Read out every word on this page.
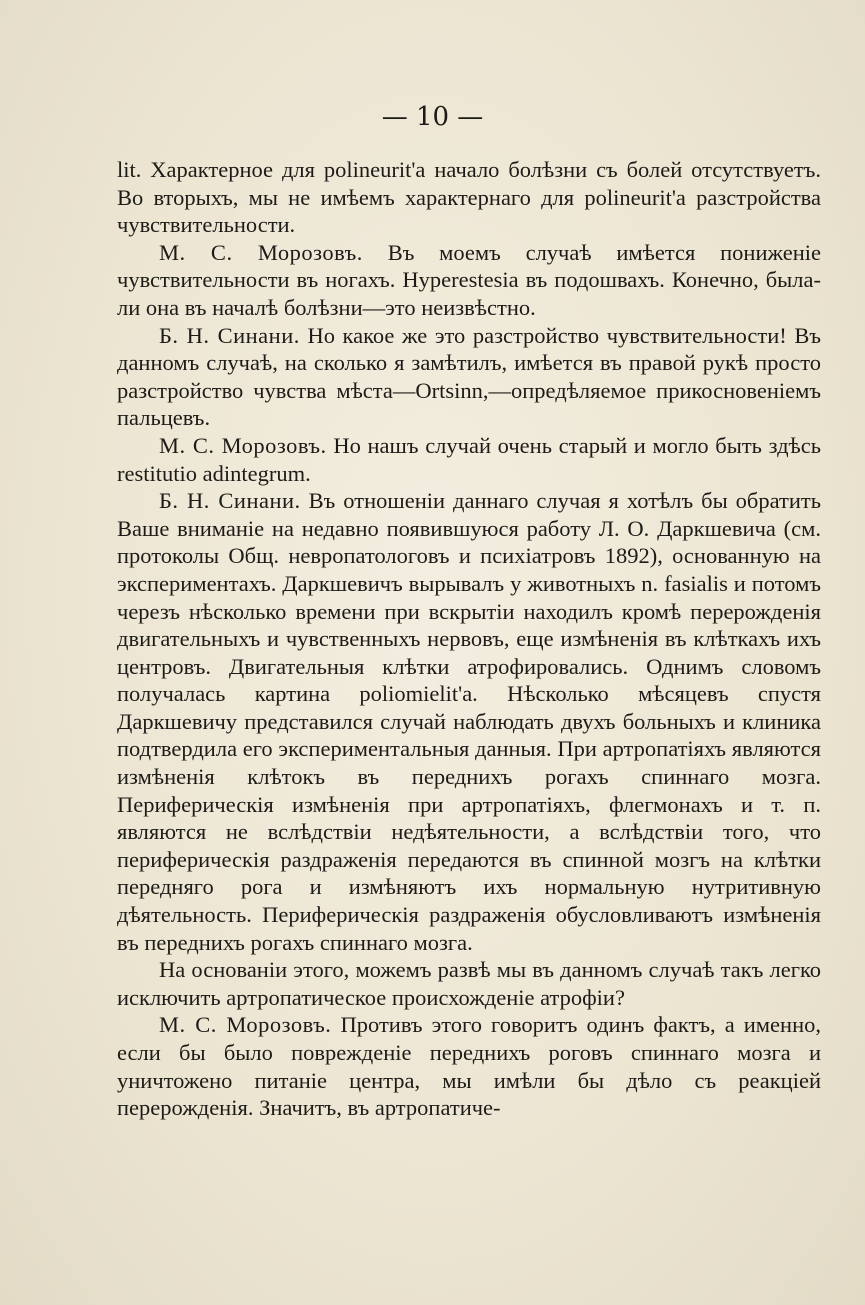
— 10 —

lit. Характерное для polineurit'a начало болѣзни съ болей отсутствуетъ. Во вторыхъ, мы не имѣемъ характернаго для polineurit'a разстройства чувствительности.

М. С. Морозовъ. Въ моемъ случаѣ имѣется пониженіе чувствительности въ ногахъ. Hyperestesia въ подошвахъ. Конечно, была-ли она въ началѣ болѣзни—это неизвѣстно.

Б. Н. Синани. Но какое же это разстройство чувствительности! Въ данномъ случаѣ, на сколько я замѣтилъ, имѣется въ правой рукѣ просто разстройство чувства мѣста—Ortsinn,—опредѣляемое прикосновеніемъ пальцевъ.

М. С. Морозовъ. Но нашъ случай очень старый и могло быть здѣсь restitutio adintegrum.

Б. Н. Синани. Въ отношеніи даннаго случая я хотѣлъ бы обратить Ваше вниманіе на недавно появившуюся работу Л. О. Даркшевича (см. протоколы Общ. невропатологовъ и психіатровъ 1892), основанную на экспериментахъ. Даркшевичъ вырывалъ у животныхъ n. fasialis и потомъ черезъ нѣсколько времени при вскрытіи находилъ кромѣ перерожденія двигательныхъ и чувственныхъ нервовъ, еще измѣненія въ клѣткахъ ихъ центровъ. Двигательныя клѣтки атрофировались. Однимъ словомъ получалась картина poliomielit'a. Нѣсколько мѣсяцевъ спустя Даркшевичу представился случай наблюдать двухъ больныхъ и клиника подтвердила его экспериментальныя данныя. При артропатіяхъ являются измѣненія клѣтокъ въ переднихъ рогахъ спиннаго мозга. Периферическія измѣненія при артропатіяхъ, флегмонахъ и т. п. являются не вслѣдствіи недѣятельности, а вслѣдствіи того, что периферическія раздраженія передаются въ спинной мозгъ на клѣтки передняго рога и измѣняютъ ихъ нормальную нутритивную дѣятельность. Периферическія раздраженія обусловливаютъ измѣненія въ переднихъ рогахъ спиннаго мозга.

На основаніи этого, можемъ развѣ мы въ данномъ случаѣ такъ легко исключить артропатическое происхожденіе атрофіи?

М. С. Морозовъ. Противъ этого говоритъ одинъ фактъ, а именно, если бы было поврежденіе переднихъ роговъ спиннаго мозга и уничтожено питаніе центра, мы имѣли бы дѣло съ реакціей перерожденія. Значитъ, въ артропатиче-
